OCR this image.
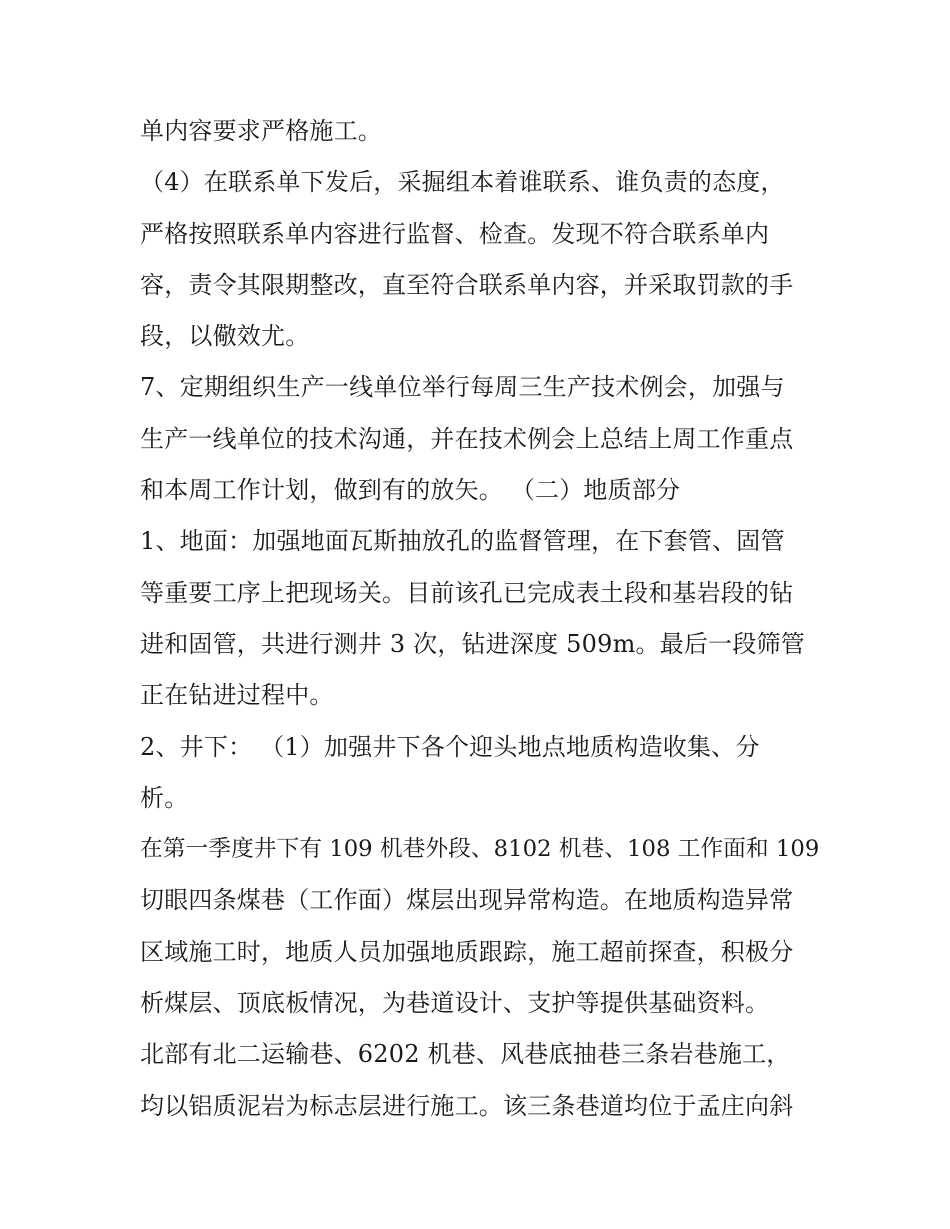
单内容要求严格施工。
（4）在联系单下发后，采掘组本着谁联系、谁负责的态度，
严格按照联系单内容进行监督、检查。发现不符合联系单内
容，责令其限期整改，直至符合联系单内容，并采取罚款的手
段，以儆效尤。
7、定期组织生产一线单位举行每周三生产技术例会，加强与
生产一线单位的技术沟通，并在技术例会上总结上周工作重点
和本周工作计划，做到有的放矢。 （二）地质部分
1、地面：加强地面瓦斯抽放孔的监督管理，在下套管、固管
等重要工序上把现场关。目前该孔已完成表土段和基岩段的钻
进和固管，共进行测井 3 次，钻进深度 509m。最后一段筛管
正在钻进过程中。
2、井下： （1）加强井下各个迎头地点地质构造收集、分
析。
在第一季度井下有 109 机巷外段、8102 机巷、108 工作面和 109
切眼四条煤巷（工作面）煤层出现异常构造。在地质构造异常
区域施工时，地质人员加强地质跟踪，施工超前探查，积极分
析煤层、顶底板情况，为巷道设计、支护等提供基础资料。
北部有北二运输巷、6202 机巷、风巷底抽巷三条岩巷施工，
均以铝质泥岩为标志层进行施工。该三条巷道均位于孟庄向斜
